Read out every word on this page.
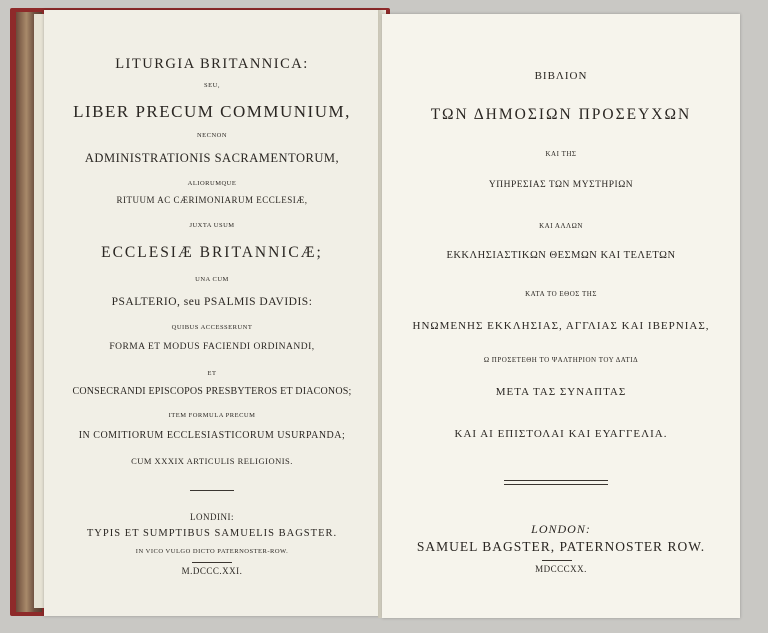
LITURGIA BRITANNICA:
SEU,
LIBER PRECUM COMMUNIUM,
NECNON
ADMINISTRATIONIS SACRAMENTORUM,
ALIORUMQUE
RITUUM AC CÆRIMONIARUM ECCLESIÆ,
JUXTA USUM
ECCLESIÆ BRITANNICÆ;
UNA CUM
PSALTERIO, seu PSALMIS DAVIDIS:
QUIBUS ACCESSERUNT
FORMA ET MODUS FACIENDI ORDINANDI,
ET
CONSECRANDI EPISCOPOS PRESBYTEROS ET DIACONOS;
ITEM FORMULA PRECUM
IN COMITIORUM ECCLESIASTICORUM USURPANDA;
CUM XXXIX ARTICULIS RELIGIONIS.
LONDINI:
TYPIS ET SUMPTIBUS SAMUELIS BAGSTER.
IN VICO VULGO DICTO PATERNOSTER-ROW.
M.DCCC.XXI.
ΒΙΒΛΙΟΝ
ΤΩΝ ΔΗΜΟΣΙΩΝ ΠΡΟΣΕΥΧΩΝ
ΚΑΙ ΤΗΣ
ΥΠΗΡΕΣΙΑΣ ΤΩΝ ΜΥΣΤΗΡΙΩΝ
ΚΑΙ ΑΛΛΩΝ
ΕΚΚΛΗΣΙΑΣΤΙΚΩΝ ΘΕΣΜΩΝ ΚΑΙ ΤΕΛΕΤΩΝ
ΚΑΤΑ ΤΟ ΕΘΟΣ ΤΗΣ
ΗΝΩΜΕΝΗΣ ΕΚΚΛΗΣΙΑΣ, ΑΓΓΛΙΑΣ ΚΑΙ ΙΒΕΡΝΙΑΣ,
Ω ΠΡΟΣΕΤΕΘΗ ΤΟ ΨΑΛΤΗΡΙΟΝ ΤΟΥ ΔΑΤΙΔ
ΜΕΤΑ ΤΑΣ ΣΥΝΑΠΤΑΣ
ΚΑΙ ΑΙ ΕΠΙΣΤΟΛΑΙ ΚΑΙ ΕΥΑΓΓΕΛΙΑ.
LONDON:
SAMUEL BAGSTER, PATERNOSTER ROW.
MDCCCXX.
